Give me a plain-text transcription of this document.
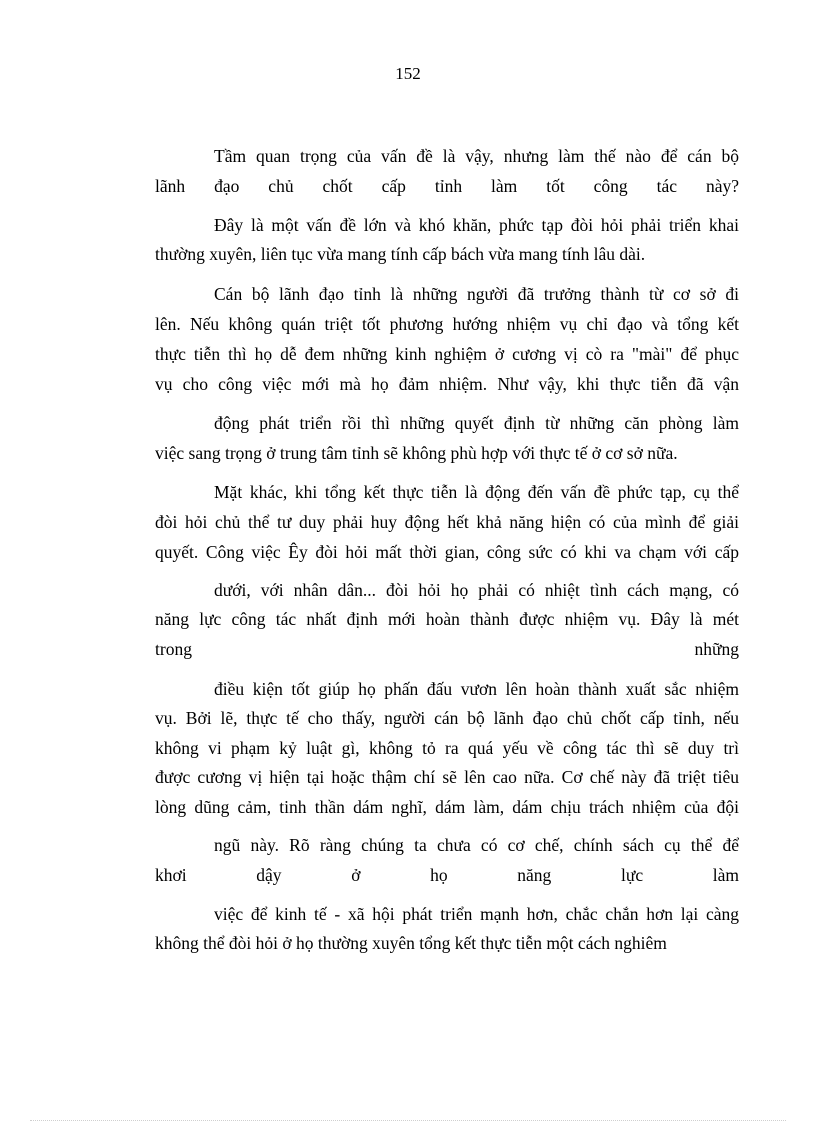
152
Tầm quan trọng của vấn đề là vậy, nhưng làm thế nào để cán bộ
lãnh đạo chủ chốt cấp tỉnh làm tốt công tác này?
Đây là một vấn đề lớn và khó khăn, phức tạp đòi hỏi phải triển khai
thường xuyên, liên tục vừa mang tính cấp bách vừa mang tính lâu dài.
Cán bộ lãnh đạo tỉnh là những người đã trưởng thành từ cơ sở đi
lên. Nếu không quán triệt tốt phương hướng nhiệm vụ chỉ đạo và tổng kết
thực tiễn thì họ dễ đem những kinh nghiệm ở cương vị cò ra "mài" để phục
vụ cho công việc mới mà họ đảm nhiệm. Như vậy, khi thực tiễn đã vận
động phát triển rồi thì những quyết định từ những căn phòng làm
việc sang trọng ở trung tâm tỉnh sẽ không phù hợp với thực tế ở cơ sở nữa.
Mặt khác, khi tổng kết thực tiễn là động đến vấn đề phức tạp, cụ thể
đòi hỏi chủ thể tư duy phải huy động hết khả năng hiện có của mình để giải
quyết. Công việc Êy đòi hỏi mất thời gian, công sức có khi va chạm với cấp
dưới, với nhân dân... đòi hỏi họ phải có nhiệt tình cách mạng, có
năng lực công tác nhất định mới hoàn thành được nhiệm vụ. Đây là mét
trong những
điều kiện tốt giúp họ phấn đấu vươn lên hoàn thành xuất sắc nhiệm
vụ. Bởi lẽ, thực tế cho thấy, người cán bộ lãnh đạo chủ chốt cấp tỉnh, nếu
không vi phạm kỷ luật gì, không tỏ ra quá yếu về công tác thì sẽ duy trì
được cương vị hiện tại hoặc thậm chí sẽ lên cao nữa. Cơ chế này đã triệt tiêu
lòng dũng cảm, tinh thần dám nghĩ, dám làm, dám chịu trách nhiệm của đội
ngũ này. Rõ ràng chúng ta chưa có cơ chế, chính sách cụ thể để
khơi dậy ở họ năng lực làm
việc để kinh tế - xã hội phát triển mạnh hơn, chắc chắn hơn lại càng
không thể đòi hỏi ở họ thường xuyên tổng kết thực tiễn một cách nghiêm
